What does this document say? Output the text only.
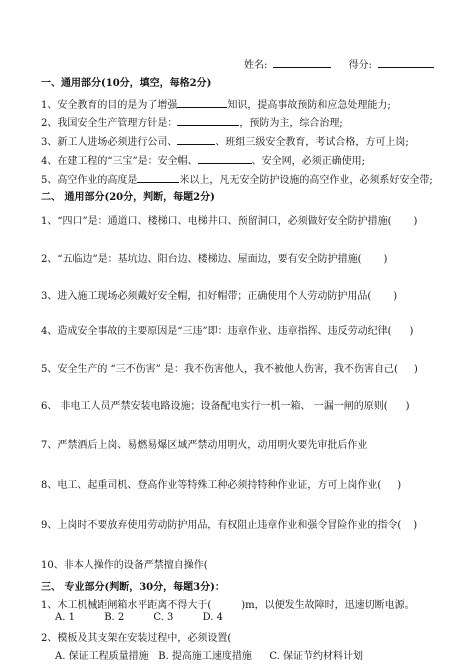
姓名:	得分:
一、通用部分(10分，填空，每格2分)
1、安全教育的目的是为了增强	知识，提高事故预防和应急处理能力;
2、我国安全生产管理方针是：	，预防为主，综合治理;
3、新工人进场必须进行公司、	、班组三级安全教育，考试合格，方可上岗;
4、在建工程的“三宝”是：安全帽、	、安全网，必须正确使用;
5、高空作业的高度是	米以上，凡无安全防护设施的高空作业，必须系好安全带;
二、 通用部分(20分，判断，每题2分)
1、“四口”是：通道口、楼梯口、电梯井口、预留洞口，必须做好安全防护措施( )
2、“五临边”是：基坑边、阳台边、楼梯边、屋面边，要有安全防护措施( )
3、进入施工现场必须戴好安全帽，扣好帽带；正确使用个人劳动防护用品( )
4、造成安全事故的主要原因是“三违”即：违章作业、违章指挥、违反劳动纪律( )
5、安全生产的 “三不伤害” 是：我不伤害他人，我不被他人伤害，我不伤害自己( )
6、 非电工人员严禁安装电路设施；设备配电实行一机一箱、 一漏一闸的原则( )
7、严禁酒后上岗、易燃易爆区域严禁动用明火，动用明火要先审批后作业
8、电工、起重司机、登高作业等特殊工种必须持特种作业证，方可上岗作业( )
9、上岗时不要放弃使用劳动防护用品，有权阻止违章作业和强令冒险作业的指令( )
10、非本人操作的设备严禁擅自操作(
三、 专业部分(判断，30分，每题3分)：
1、木工机械距闸箱水平距离不得大于(	)m，以便发生故障时，迅速切断电源。
A. 1	B. 2	C. 3	D. 4
2、模板及其支架在安装过程中，必须设置(
A. 保证工程质量措施 B. 提高施工速度措施 C. 保证节约材料计划
